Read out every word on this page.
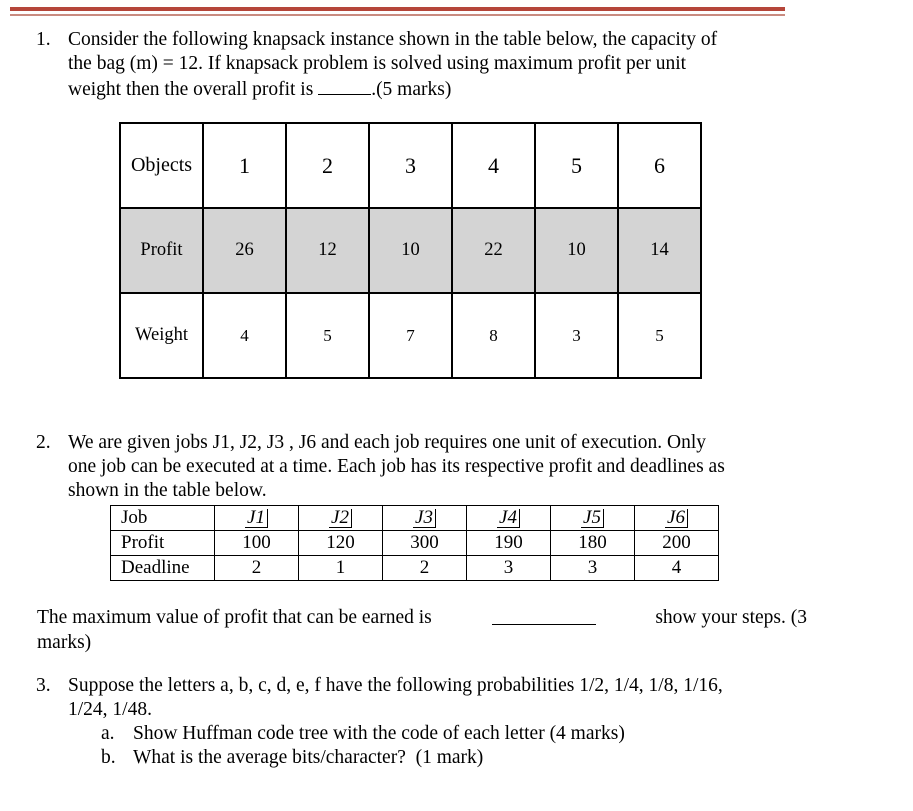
1. Consider the following knapsack instance shown in the table below, the capacity of
the bag (m) = 12. If knapsack problem is solved using maximum profit per unit
weight then the overall profit is	.(5 marks)
Objects	1	2	3	4	5	6
Profit	26	12	10	22	10	14
Weight	4	5	7	8	3	5
2. We are given jobs J1, J2, J3 , J6 and each job requires one unit of execution. Only
one job can be executed at a time. Each job has its respective profit and deadlines as
shown in the table below.
Job	J1	J2	J3	J4	J5	J6
Profit	100	120	300	190	180	200
Deadline	2	1	2	3	3	4
The maximum value of profit that can be earned is	show your steps. (3
marks)
3. Suppose the letters a, b, c, d, e, f have the following probabilities 1/2, 1/4, 1/8, 1/16,
1/24, 1/48.
a. Show Huffman code tree with the code of each letter (4 marks)
b. What is the average bits/character?  (1 mark)
